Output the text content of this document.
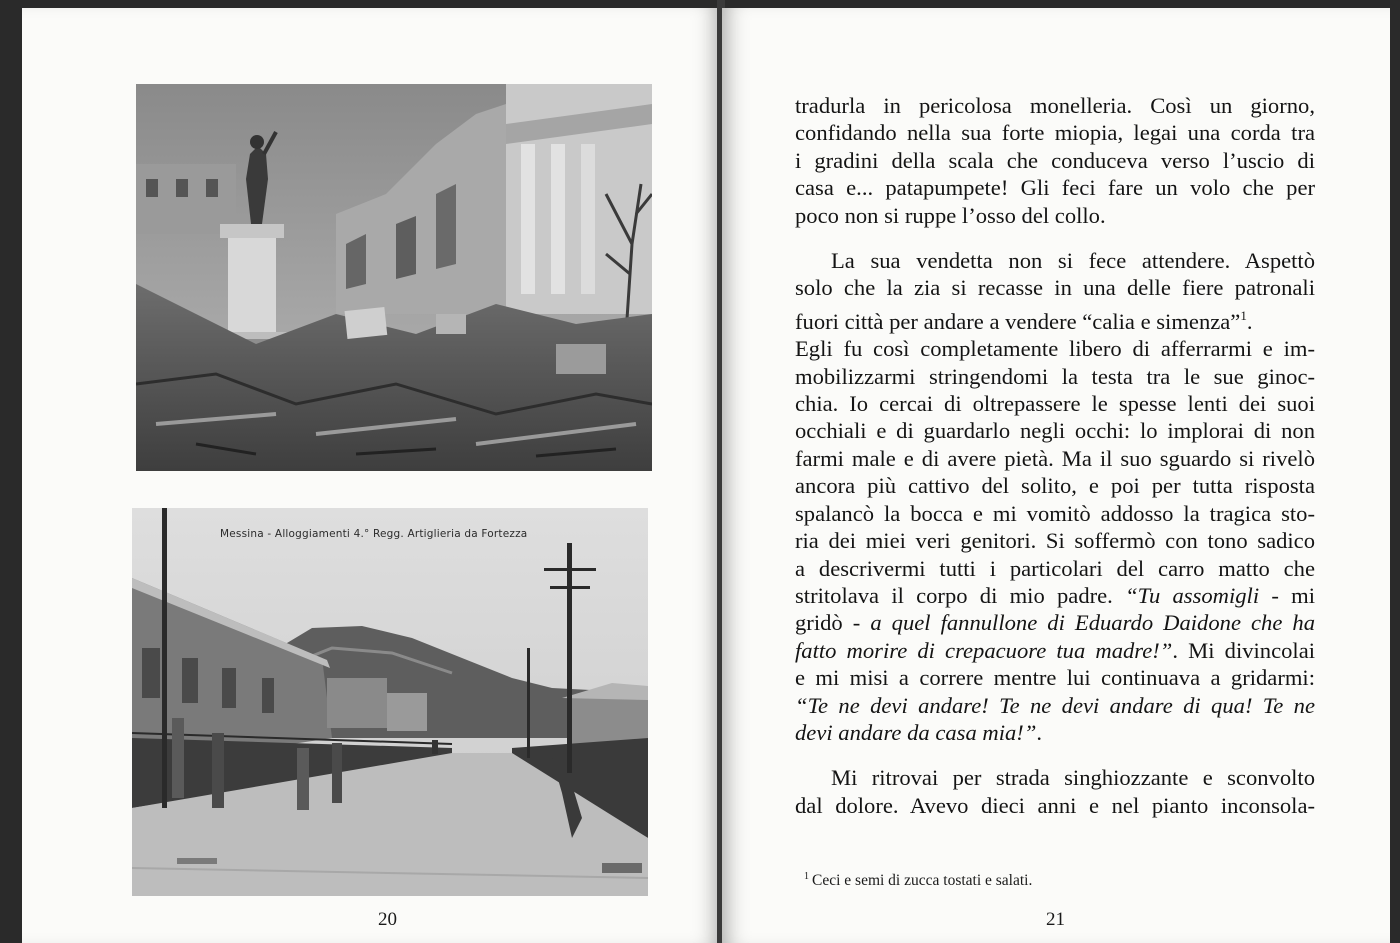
Messina - Alloggiamenti 4.° Regg. Artiglieria da Fortezza
20

tradurla in pericolosa monelleria. Così un giorno,
confidando nella sua forte miopia, legai una corda tra
i gradini della scala che conduceva verso l’uscio di
casa e... patapumpete! Gli feci fare un volo che per
poco non si ruppe l’osso del collo.

La sua vendetta non si fece attendere. Aspettò
solo che la zia si recasse in una delle fiere patronali
fuori città per andare a vendere “calia e simenza”$^1$.
Egli fu così completamente libero di afferrarmi e im-
mobilizzarmi stringendomi la testa tra le sue ginoc-
chia. Io cercai di oltrepassere le spesse lenti dei suoi
occhiali e di guardarlo negli occhi: lo implorai di non
farmi male e di avere pietà. Ma il suo sguardo si rivelò
ancora più cattivo del solito, e poi per tutta risposta
spalancò la bocca e mi vomitò addosso la tragica sto-
ria dei miei veri genitori. Si soffermò con tono sadico
a descrivermi tutti i particolari del carro matto che
stritolava il corpo di mio padre. “Tu assomigli - mi
gridò - a quel fannullone di Eduardo Daidone che ha
fatto morire di crepacuore tua madre!”. Mi divincolai
e mi misi a correre mentre lui continuava a gridarmi:
“Te ne devi andare! Te ne devi andare di qua! Te ne
devi andare da casa mia!”.

Mi ritrovai per strada singhiozzante e sconvolto
dal dolore. Avevo dieci anni e nel pianto inconsola-

$^1$ Ceci e semi di zucca tostati e salati.
21
